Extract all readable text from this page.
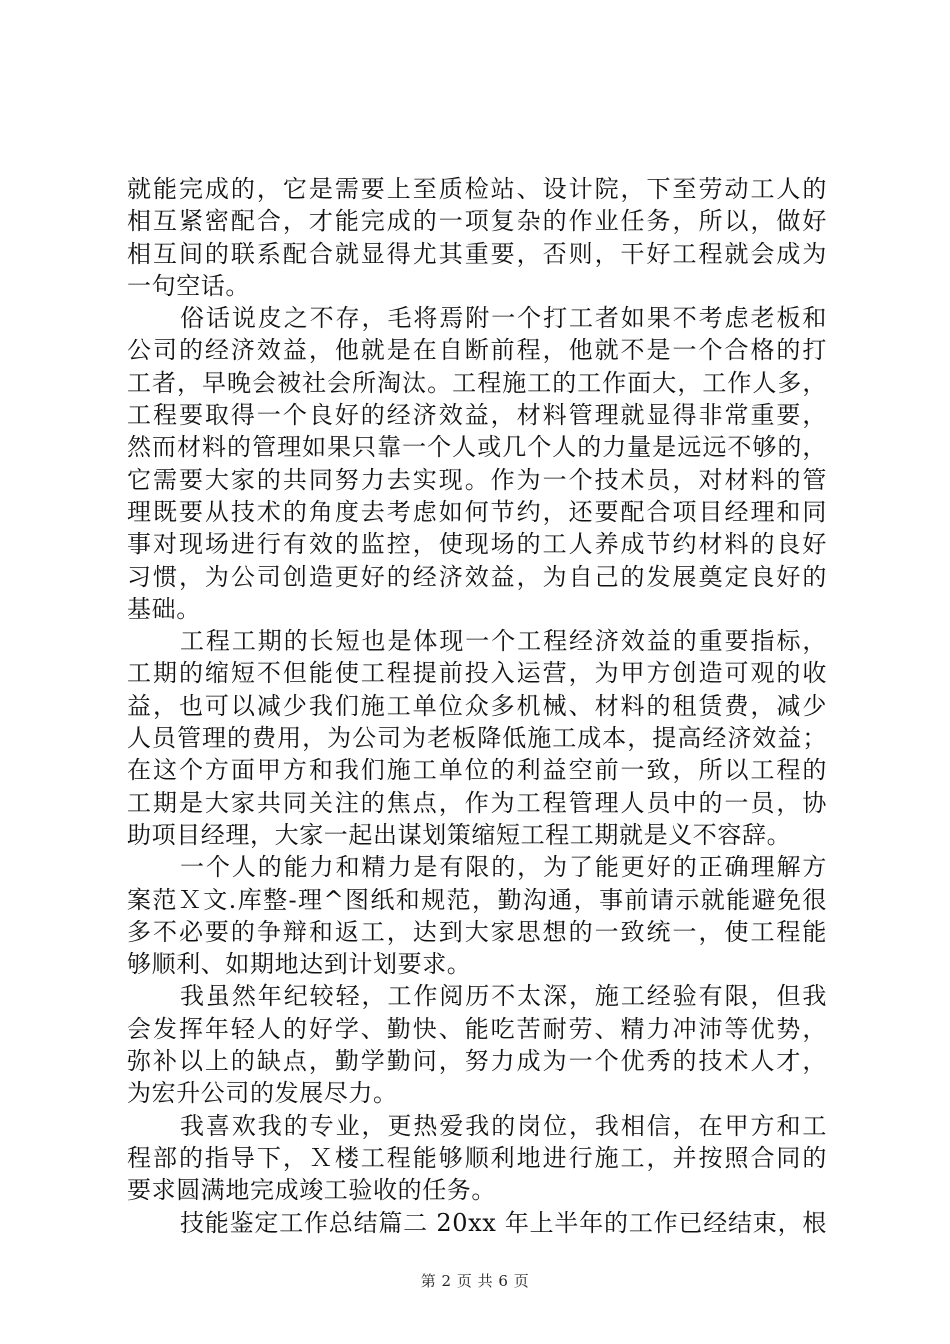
就能完成的，它是需要上至质检站、设计院，下至劳动工人的
相互紧密配合，才能完成的一项复杂的作业任务，所以，做好
相互间的联系配合就显得尤其重要，否则，干好工程就会成为
一句空话。
俗话说皮之不存，毛将焉附一个打工者如果不考虑老板和
公司的经济效益，他就是在自断前程，他就不是一个合格的打
工者，早晚会被社会所淘汰。工程施工的工作面大，工作人多，
工程要取得一个良好的经济效益，材料管理就显得非常重要，
然而材料的管理如果只靠一个人或几个人的力量是远远不够的，
它需要大家的共同努力去实现。作为一个技术员，对材料的管
理既要从技术的角度去考虑如何节约，还要配合项目经理和同
事对现场进行有效的监控，使现场的工人养成节约材料的良好
习惯，为公司创造更好的经济效益，为自己的发展奠定良好的
基础。
工程工期的长短也是体现一个工程经济效益的重要指标，
工期的缩短不但能使工程提前投入运营，为甲方创造可观的收
益，也可以减少我们施工单位众多机械、材料的租赁费，减少
人员管理的费用，为公司为老板降低施工成本，提高经济效益；
在这个方面甲方和我们施工单位的利益空前一致，所以工程的
工期是大家共同关注的焦点，作为工程管理人员中的一员，协
助项目经理，大家一起出谋划策缩短工程工期就是义不容辞。
一个人的能力和精力是有限的，为了能更好的正确理解方
案范Ｘ文.库整-理^图纸和规范，勤沟通，事前请示就能避免很
多不必要的争辩和返工，达到大家思想的一致统一，使工程能
够顺利、如期地达到计划要求。
我虽然年纪较轻，工作阅历不太深，施工经验有限，但我
会发挥年轻人的好学、勤快、能吃苦耐劳、精力冲沛等优势，
弥补以上的缺点，勤学勤问，努力成为一个优秀的技术人才，
为宏升公司的发展尽力。
我喜欢我的专业，更热爱我的岗位，我相信，在甲方和工
程部的指导下，Ｘ楼工程能够顺利地进行施工，并按照合同的
要求圆满地完成竣工验收的任务。
技能鉴定工作总结篇二 20xx 年上半年的工作已经结束，根
第 2 页 共 6 页
